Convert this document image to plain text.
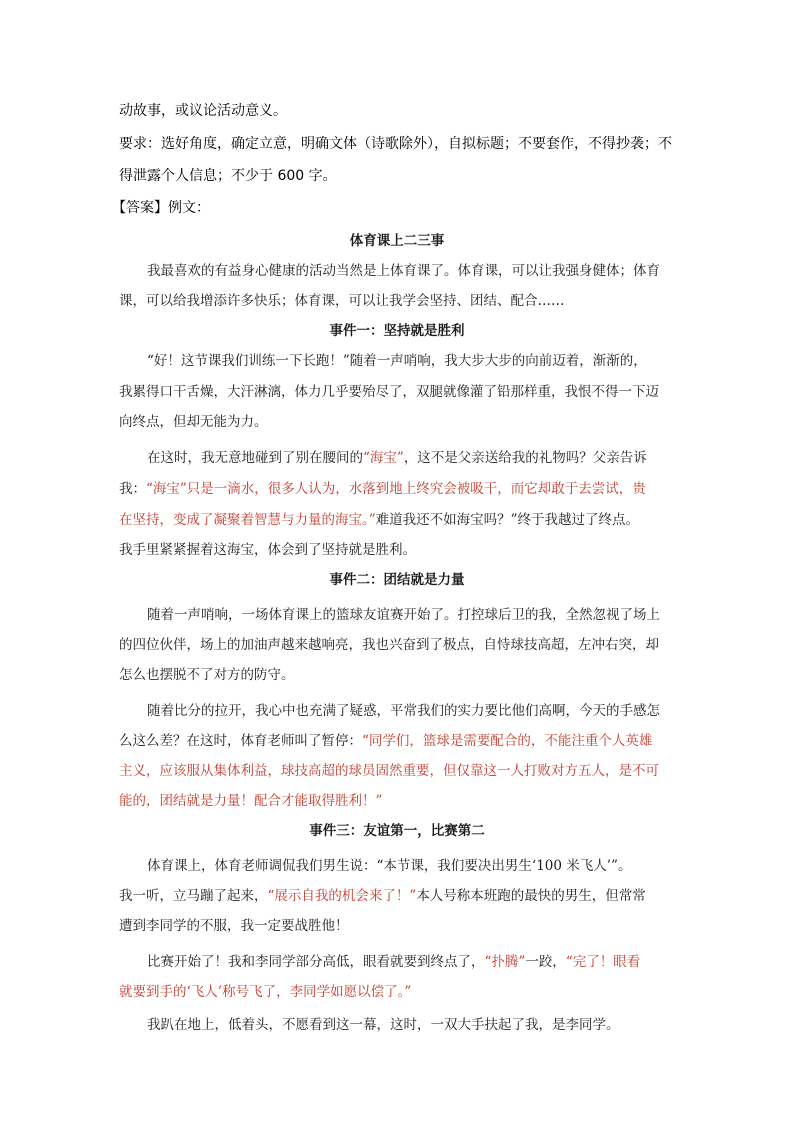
动故事，或议论活动意义。

要求：选好角度，确定立意，明确文体（诗歌除外），自拟标题；不要套作，不得抄袭；不

得泄露个人信息；不少于 600 字。

【答案】例文：

体育课上二三事

我最喜欢的有益身心健康的活动当然是上体育课了。体育课，可以让我强身健体；体育

课，可以给我增添许多快乐；体育课，可以让我学会坚持、团结、配合……

事件一：坚持就是胜利

“好！这节课我们训练一下长跑！”随着一声哨响，我大步大步的向前迈着，渐渐的，

我累得口干舌燥，大汗淋漓，体力几乎要殆尽了，双腿就像灌了铅那样重，我恨不得一下迈

向终点，但却无能为力。

在这时，我无意地碰到了别在腰间的“海宝”，这不是父亲送给我的礼物吗？父亲告诉

我：“海宝”只是一滴水，很多人认为，水落到地上终究会被吸干，而它却敢于去尝试，贵

在坚持，变成了凝聚着智慧与力量的海宝。”难道我还不如海宝吗？”终于我越过了终点。

我手里紧紧握着这海宝，体会到了坚持就是胜利。

事件二：团结就是力量

随着一声哨响，一场体育课上的篮球友谊赛开始了。打控球后卫的我，全然忽视了场上

的四位伙伴，场上的加油声越来越响亮，我也兴奋到了极点，自恃球技高超，左冲右突，却

怎么也摆脱不了对方的防守。

随着比分的拉开，我心中也充满了疑惑，平常我们的实力要比他们高啊，今天的手感怎

么这么差？在这时，体育老师叫了暂停：“同学们，篮球是需要配合的，不能注重个人英雄

主义，应该服从集体利益，球技高超的球员固然重要，但仅靠这一人打败对方五人，是不可

能的，团结就是力量！配合才能取得胜利！”

事件三：友谊第一，比赛第二

体育课上，体育老师调侃我们男生说：“本节课，我们要决出男生‘100 米飞人’”。

我一听，立马蹦了起来，“展示自我的机会来了！”本人号称本班跑的最快的男生，但常常

遭到李同学的不服，我一定要战胜他！

比赛开始了！我和李同学部分高低，眼看就要到终点了，“扑腾”一跤，“完了！眼看

就要到手的‘飞人’称号飞了，李同学如愿以偿了。”

我趴在地上，低着头，不愿看到这一幕，这时，一双大手扶起了我，是李同学。
